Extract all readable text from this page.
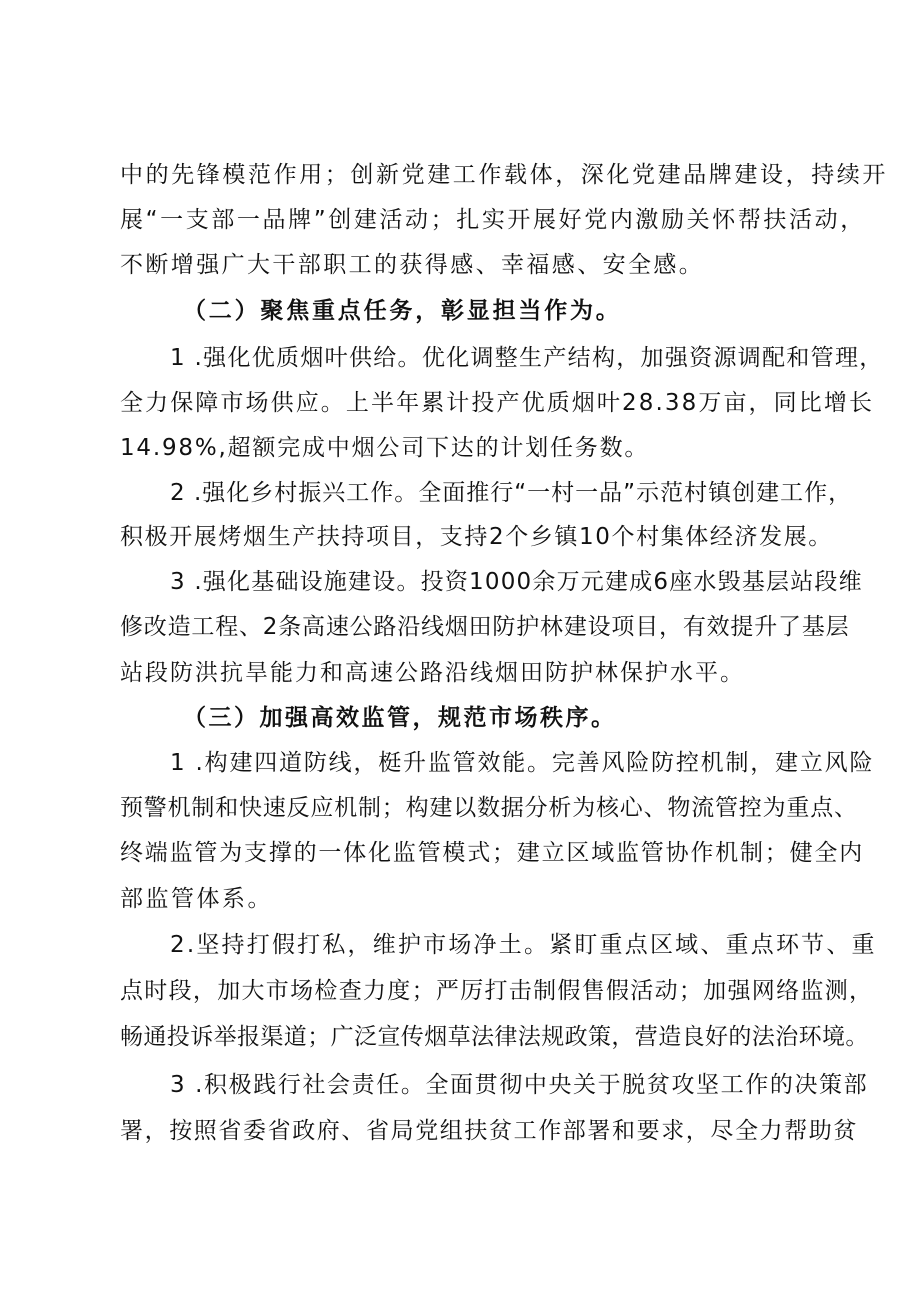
中的先锋模范作用；创新党建工作载体，深化党建品牌建设，持续开
展“一支部一品牌”创建活动；扎实开展好党内激励关怀帮扶活动，
不断增强广大干部职工的获得感、幸福感、安全感。
（二）聚焦重点任务，彰显担当作为。
1 .强化优质烟叶供给。优化调整生产结构，加强资源调配和管理，
全力保障市场供应。上半年累计投产优质烟叶28.38万亩，同比增长
14.98%,超额完成中烟公司下达的计划任务数。
2 .强化乡村振兴工作。全面推行“一村一品”示范村镇创建工作，
积极开展烤烟生产扶持项目，支持2个乡镇10个村集体经济发展。
3 .强化基础设施建设。投资1000余万元建成6座水毁基层站段维
修改造工程、2条高速公路沿线烟田防护林建设项目，有效提升了基层
站段防洪抗旱能力和高速公路沿线烟田防护林保护水平。
（三）加强高效监管，规范市场秩序。
1 .构建四道防线，梃升监管效能。完善风险防控机制，建立风险
预警机制和快速反应机制；构建以数据分析为核心、物流管控为重点、
终端监管为支撑的一体化监管模式；建立区域监管协作机制；健全内
部监管体系。
2.坚持打假打私，维护市场净土。紧盯重点区域、重点环节、重
点时段，加大市场检查力度；严厉打击制假售假活动；加强网络监测，
畅通投诉举报渠道；广泛宣传烟草法律法规政策，营造良好的法治环境。
3 .积极践行社会责任。全面贯彻中央关于脱贫攻坚工作的决策部
署，按照省委省政府、省局党组扶贫工作部署和要求，尽全力帮助贫
